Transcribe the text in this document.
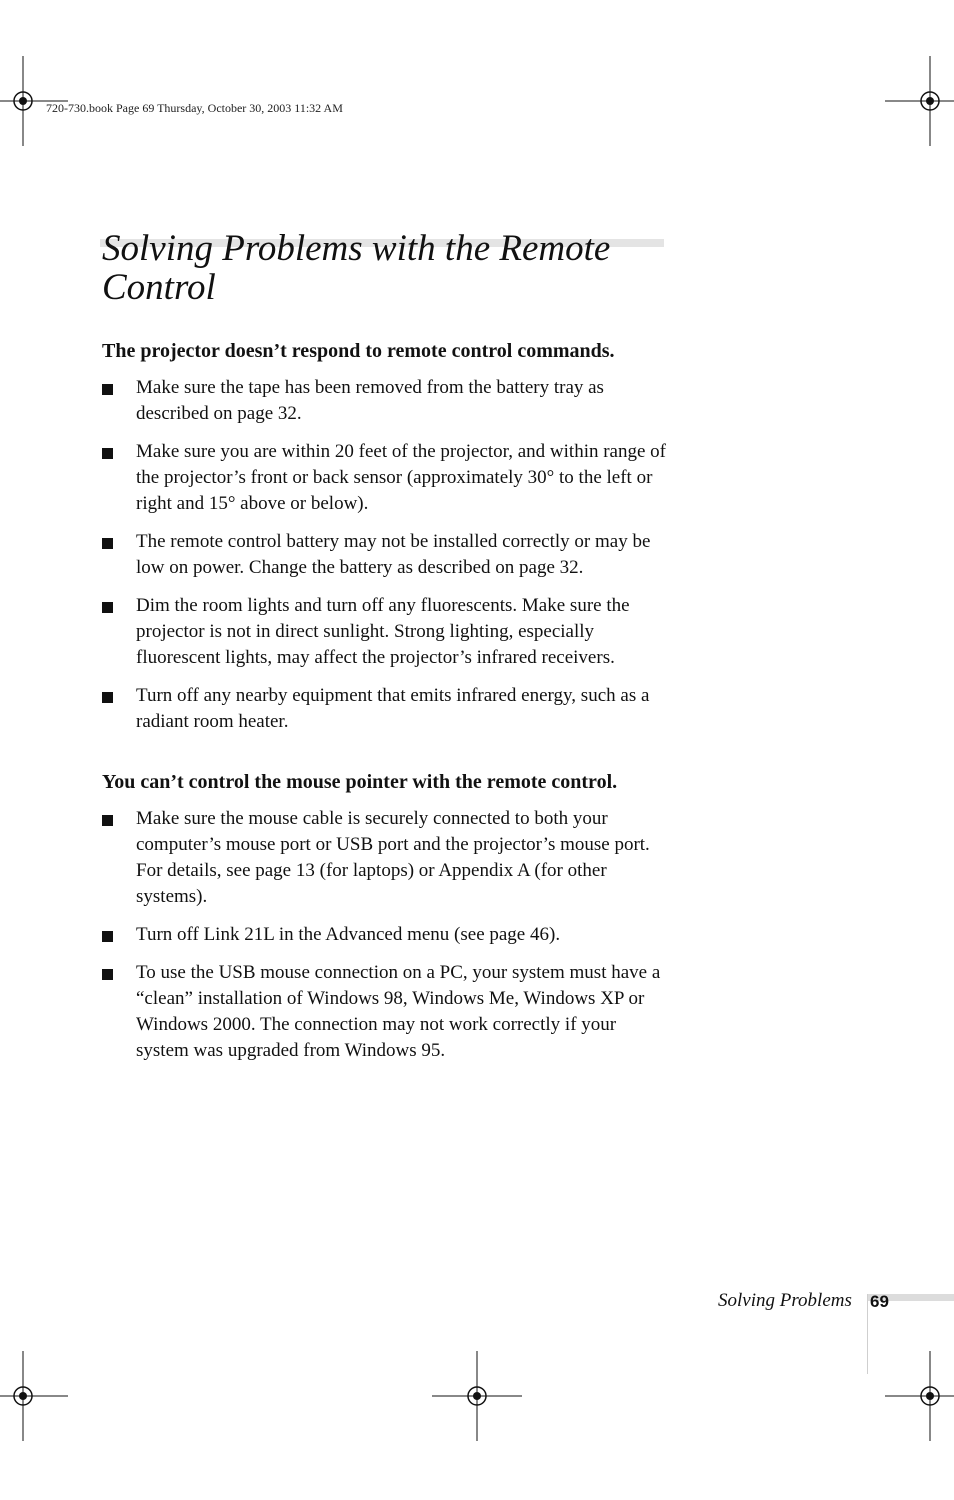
720-730.book Page 69 Thursday, October 30, 2003 11:32 AM
Solving Problems with the Remote Control
The projector doesn’t respond to remote control commands.
Make sure the tape has been removed from the battery tray as described on page 32.
Make sure you are within 20 feet of the projector, and within range of the projector’s front or back sensor (approximately 30° to the left or right and 15° above or below).
The remote control battery may not be installed correctly or may be low on power. Change the battery as described on page 32.
Dim the room lights and turn off any fluorescents. Make sure the projector is not in direct sunlight. Strong lighting, especially fluorescent lights, may affect the projector’s infrared receivers.
Turn off any nearby equipment that emits infrared energy, such as a radiant room heater.
You can’t control the mouse pointer with the remote control.
Make sure the mouse cable is securely connected to both your computer’s mouse port or USB port and the projector’s mouse port. For details, see page 13 (for laptops) or Appendix A (for other systems).
Turn off Link 21L in the Advanced menu (see page 46).
To use the USB mouse connection on a PC, your system must have a “clean” installation of Windows 98, Windows Me, Windows XP or Windows 2000. The connection may not work correctly if your system was upgraded from Windows 95.
Solving Problems 69
